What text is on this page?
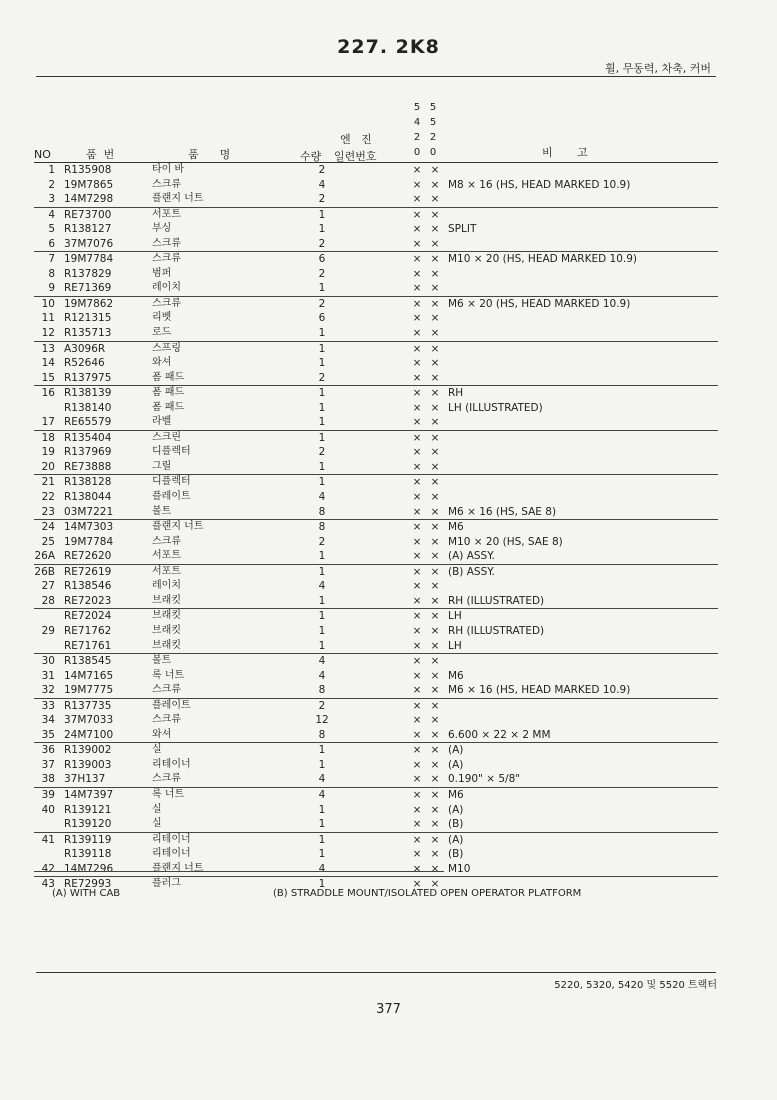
227. 2K8
휠, 무동력, 차축, 커버
NO	품  번	품      명	수량
엔   진
일련번호
5 5
4 5
2 2
0 0	비       고
1 R135908	타이 바	2	× ×
2 19M7865	스크류	4	× × M8 × 16 (HS, HEAD MARKED 10.9)
3 14M7298	플랜지 너트	2	× ×
4 RE73700	서포트	1	× ×
5 R138127	부싱	1	× × SPLIT
6 37M7076	스크류	2	× ×
7 19M7784	스크류	6	× × M10 × 20 (HS, HEAD MARKED 10.9)
8 R137829	범퍼	2	× ×
9 RE71369	레이치	1	× ×
10 19M7862	스크류	2	× × M6 × 20 (HS, HEAD MARKED 10.9)
11 R121315	리벳	6	× ×
12 R135713	로드	1	× ×
13 A3096R	스프링	1	× ×
14 R52646	와셔	1	× ×
15 R137975	폼 패드	2	× ×
16 R138139	폼 패드	1	× × RH
R138140	폼 패드	1	× × LH (ILLUSTRATED)
17 RE65579	라벨	1	× ×
18 R135404	스크린	1	× ×
19 R137969	디플렉터	2	× ×
20 RE73888	그릴	1	× ×
21 R138128	디플렉터	1	× ×
22 R138044	플레이트	4	× ×
23 03M7221	볼트	8	× × M6 × 16 (HS, SAE 8)
24 14M7303	플랜지 너트	8	× × M6
25 19M7784	스크류	2	× × M10 × 20 (HS, SAE 8)
26A RE72620	서포트	1	× × (A) ASSY.
26B RE72619	서포트	1	× × (B) ASSY.
27 R138546	레이치	4	× ×
28 RE72023	브래킷	1	× × RH (ILLUSTRATED)
RE72024	브래킷	1	× × LH
29 RE71762	브래킷	1	× × RH (ILLUSTRATED)
RE71761	브래킷	1	× × LH
30 R138545	볼트	4	× ×
31 14M7165	록 너트	4	× × M6
32 19M7775	스크류	8	× × M6 × 16 (HS, HEAD MARKED 10.9)
33 R137735	플레이트	2	× ×
34 37M7033	스크류	12	× ×
35 24M7100	와셔	8	× × 6.600 × 22 × 2 MM
36 R139002	실	1	× × (A)
37 R139003	리테이너	1	× × (A)
38 37H137	스크류	4	× × 0.190" × 5/8"
39 14M7397	록 너트	4	× × M6
40 R139121	실	1	× × (A)
R139120	실	1	× × (B)
41 R139119	리테이너	1	× × (A)
R139118	리테이너	1	× × (B)
42 14M7296	플랜지 너트	4	× × M10
43 RE72993	플러그	1	× ×
(A) WITH CAB	(B) STRADDLE MOUNT/ISOLATED OPEN OPERATOR PLATFORM
5220, 5320, 5420 및 5520 트랙터
377
